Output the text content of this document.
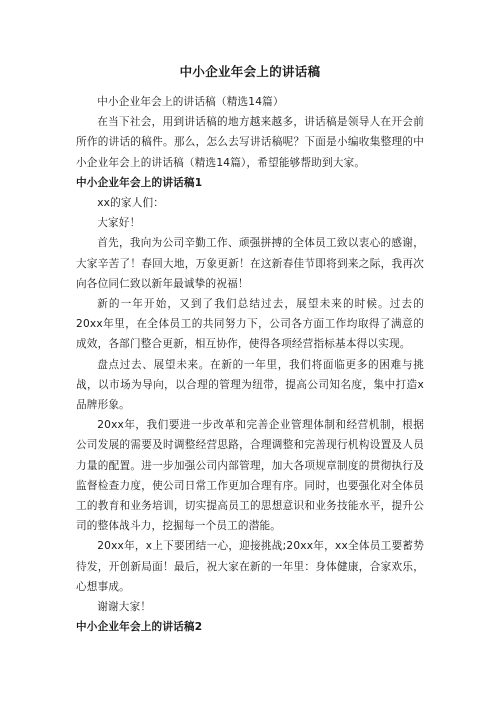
中小企业年会上的讲话稿

中小企业年会上的讲话稿（精选14篇）

在当下社会，用到讲话稿的地方越来越多，讲话稿是领导人在开会前所作的讲话的稿件。那么，怎么去写讲话稿呢？下面是小编收集整理的中小企业年会上的讲话稿（精选14篇），希望能够帮助到大家。

中小企业年会上的讲话稿1

xx的家人们：

大家好！

首先，我向为公司辛勤工作、顽强拼搏的全体员工致以衷心的感谢，大家辛苦了！春回大地，万象更新！在这新春佳节即将到来之际，我再次向各位同仁致以新年最诚挚的祝福！

新的一年开始，又到了我们总结过去，展望未来的时候。过去的20xx年里，在全体员工的共同努力下，公司各方面工作均取得了满意的成效，各部门整合更新，相互协作，使得各项经营指标基本得以实现。

盘点过去、展望未来。在新的一年里，我们将面临更多的困难与挑战，以市场为导向，以合理的管理为纽带，提高公司知名度，集中打造x品牌形象。

20xx年，我们要进一步改革和完善企业管理体制和经营机制，根据公司发展的需要及时调整经营思路，合理调整和完善现行机构设置及人员力量的配置。进一步加强公司内部管理，加大各项规章制度的贯彻执行及监督检查力度，使公司日常工作更加合理有序。同时，也要强化对全体员工的教育和业务培训，切实提高员工的思想意识和业务技能水平，提升公司的整体战斗力，挖掘每一个员工的潜能。

20xx年，x上下要团结一心，迎接挑战;20xx年，xx全体员工要蓄势待发，开创新局面！最后，祝大家在新的一年里：身体健康，合家欢乐，心想事成。

谢谢大家！

中小企业年会上的讲话稿2
